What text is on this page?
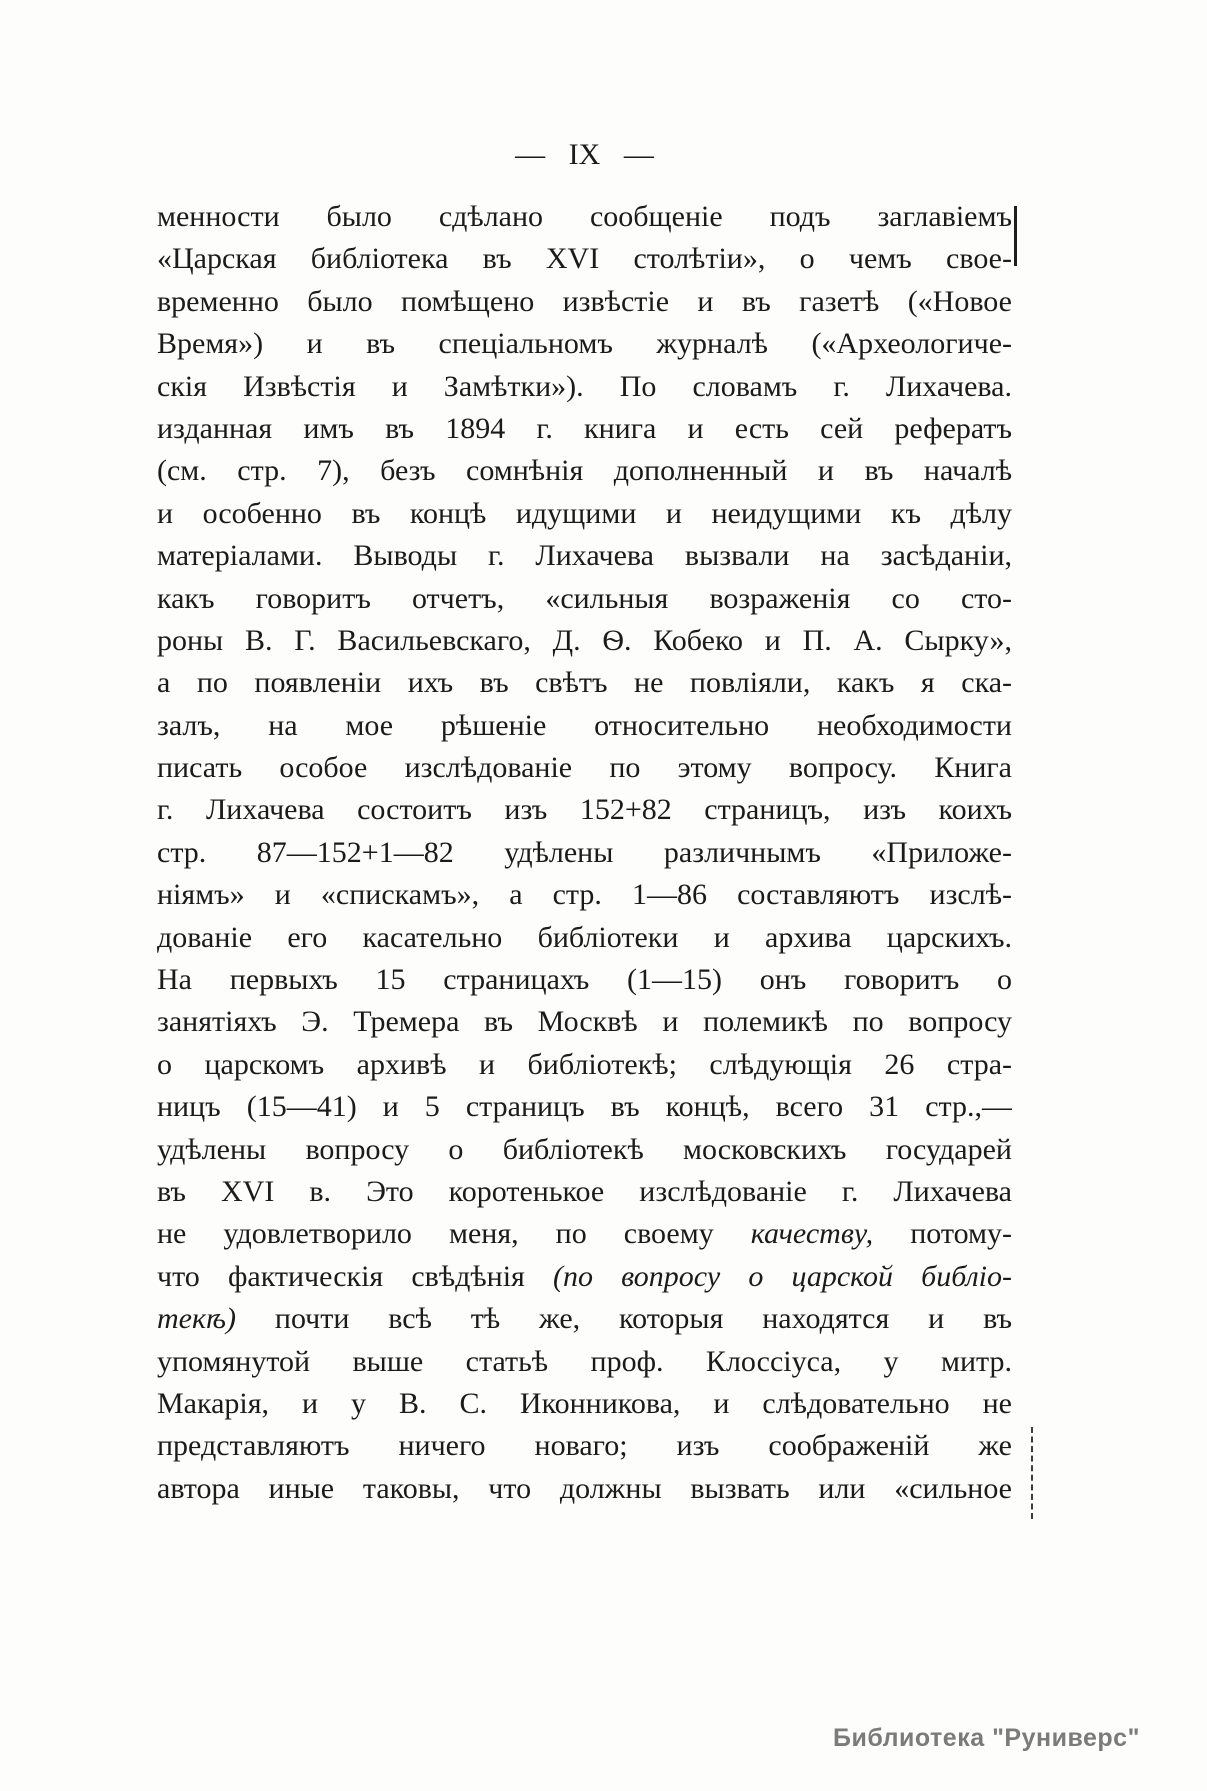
— IX —
менности было сдѣлано сообщеніе подъ заглавіемъ
«Царская библіотека въ XVI столѣтіи», о чемъ свое-
временно было помѣщено извѣстіе и въ газетѣ («Новое
Время») и въ спеціальномъ журналѣ («Археологиче-
скія Извѣстія и Замѣтки»). По словамъ г. Лихачева.
изданная имъ въ 1894 г. книга и есть сей рефератъ
(см. стр. 7), безъ сомнѣнія дополненный и въ началѣ
и особенно въ концѣ идущими и неидущими къ дѣлу
матеріалами. Выводы г. Лихачева вызвали на засѣданіи,
какъ говоритъ отчетъ, «сильныя возраженія со сто-
роны В. Г. Васильевскаго, Д. Ѳ. Кобеко и П. А. Сырку»,
а по появленіи ихъ въ свѣтъ не повліяли, какъ я ска-
залъ, на мое рѣшеніе относительно необходимости
писать особое изслѣдованіе по этому вопросу. Книга
г. Лихачева состоитъ изъ 152+82 страницъ, изъ коихъ
стр. 87—152+1—82 удѣлены различнымъ «Приложе-
ніямъ» и «спискамъ», а стр. 1—86 составляютъ изслѣ-
дованіе его касательно библіотеки и архива царскихъ.
На первыхъ 15 страницахъ (1—15) онъ говоритъ о
занятіяхъ Э. Тремера въ Москвѣ и полемикѣ по вопросу
о царскомъ архивѣ и библіотекѣ; слѣдующія 26 стра-
ницъ (15—41) и 5 страницъ въ концѣ, всего 31 стр.,—
удѣлены вопросу о библіотекѣ московскихъ государей
въ XVI в. Это коротенькое изслѣдованіе г. Лихачева
не удовлетворило меня, по своему качеству, потому-
что фактическія свѣдѣнія (по вопросу о царской библіо-
текѣ) почти всѣ тѣ же, которыя находятся и въ
упомянутой выше статьѣ проф. Клоссіуса, у митр.
Макарія, и у В. С. Иконникова, и слѣдовательно не
представляютъ ничего новаго; изъ соображеній же
автора иные таковы, что должны вызвать или «сильное
Библиотека "Руниверс"
